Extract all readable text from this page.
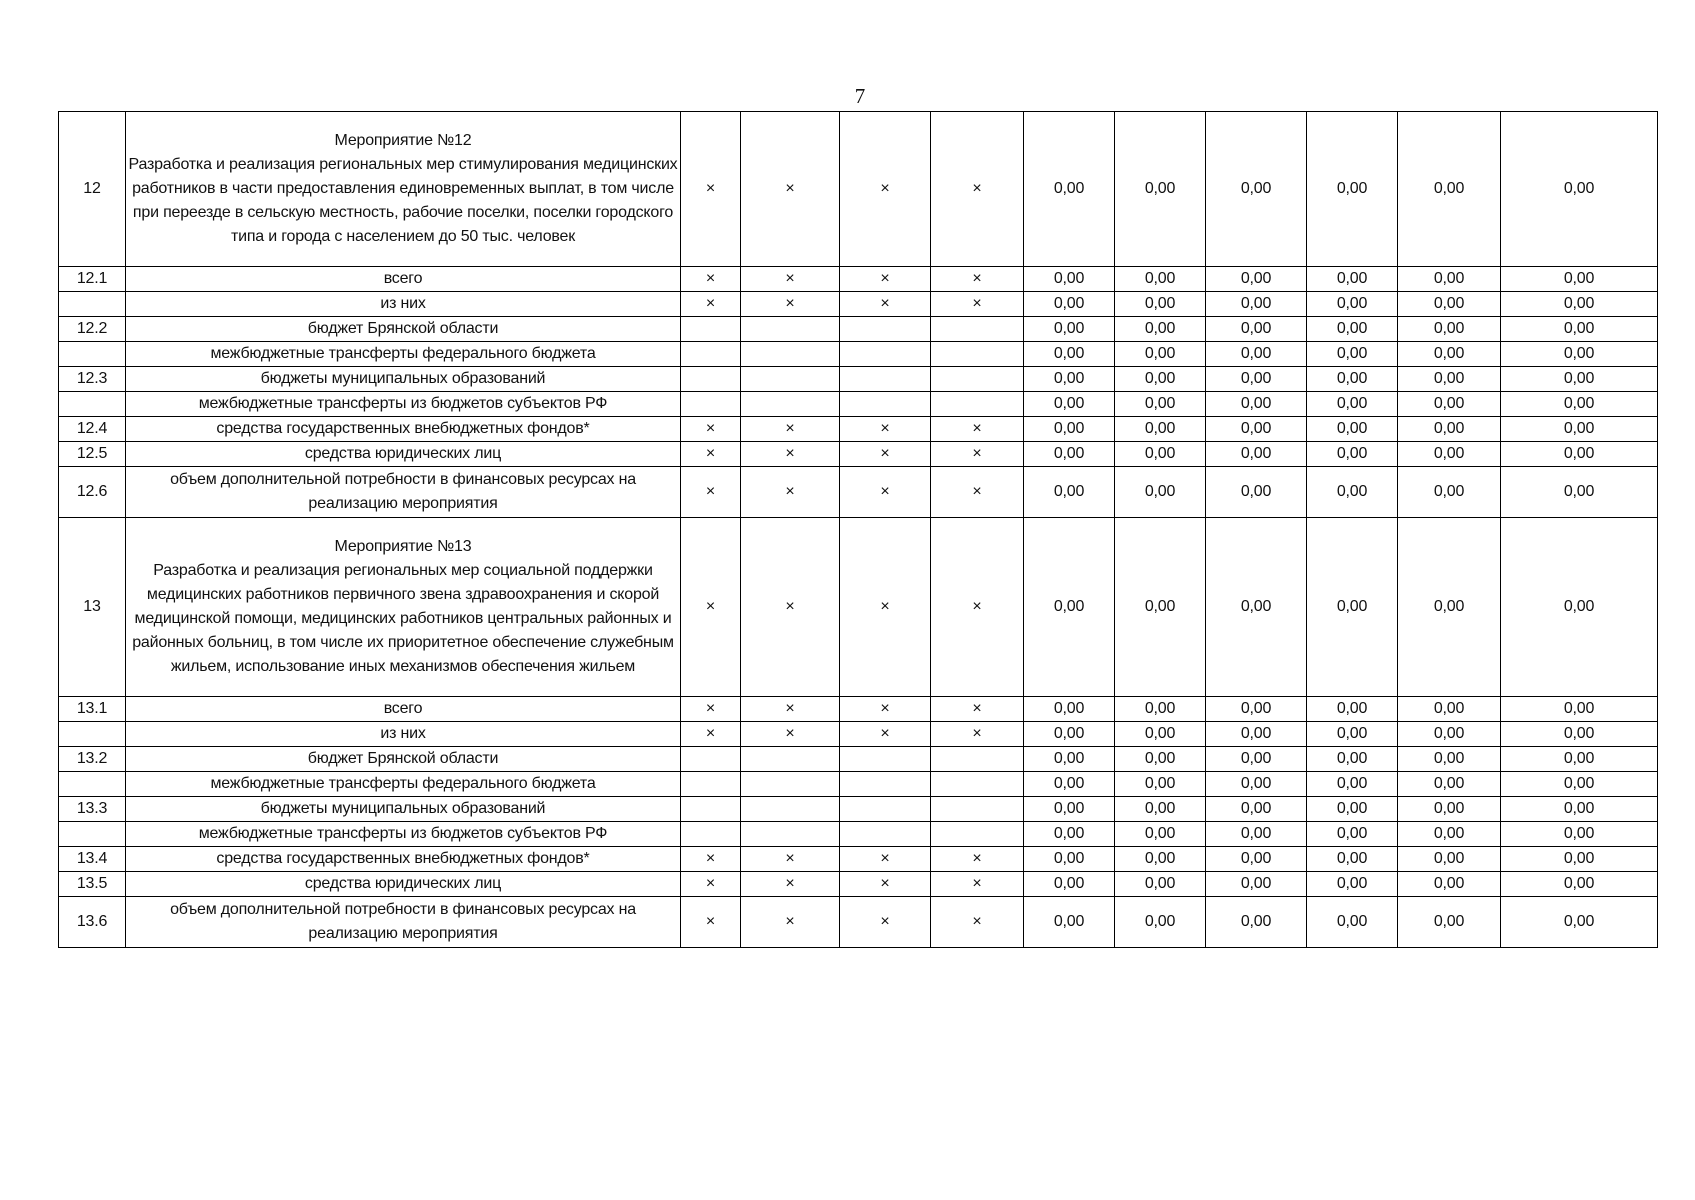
7
12	Мероприятие №12
Разработка и реализация региональных мер стимулирования медицинских работников в части предоставления единовременных выплат, в том числе при переезде в сельскую местность, рабочие поселки, поселки городского типа и города с населением до 50 тыс. человек	×	×	×	×	0,00	0,00	0,00	0,00	0,00	0,00
12.1	всего	×	×	×	×	0,00	0,00	0,00	0,00	0,00	0,00
	из них	×	×	×	×	0,00	0,00	0,00	0,00	0,00	0,00
12.2	бюджет Брянской области					0,00	0,00	0,00	0,00	0,00	0,00
	межбюджетные трансферты федерального бюджета					0,00	0,00	0,00	0,00	0,00	0,00
12.3	бюджеты муниципальных образований					0,00	0,00	0,00	0,00	0,00	0,00
	межбюджетные трансферты из бюджетов субъектов РФ					0,00	0,00	0,00	0,00	0,00	0,00
12.4	средства государственных внебюджетных фондов*	×	×	×	×	0,00	0,00	0,00	0,00	0,00	0,00
12.5	средства юридических лиц	×	×	×	×	0,00	0,00	0,00	0,00	0,00	0,00
12.6	объем дополнительной потребности в финансовых ресурсах на реализацию мероприятия	×	×	×	×	0,00	0,00	0,00	0,00	0,00	0,00
13	Мероприятие №13
Разработка и реализация региональных мер социальной поддержки медицинских работников первичного звена здравоохранения и скорой медицинской помощи, медицинских работников центральных районных и районных больниц, в том числе их приоритетное обеспечение служебным жильем, использование иных механизмов обеспечения жильем	×	×	×	×	0,00	0,00	0,00	0,00	0,00	0,00
13.1	всего	×	×	×	×	0,00	0,00	0,00	0,00	0,00	0,00
	из них	×	×	×	×	0,00	0,00	0,00	0,00	0,00	0,00
13.2	бюджет Брянской области					0,00	0,00	0,00	0,00	0,00	0,00
	межбюджетные трансферты федерального бюджета					0,00	0,00	0,00	0,00	0,00	0,00
13.3	бюджеты муниципальных образований					0,00	0,00	0,00	0,00	0,00	0,00
	межбюджетные трансферты из бюджетов субъектов РФ					0,00	0,00	0,00	0,00	0,00	0,00
13.4	средства государственных внебюджетных фондов*	×	×	×	×	0,00	0,00	0,00	0,00	0,00	0,00
13.5	средства юридических лиц	×	×	×	×	0,00	0,00	0,00	0,00	0,00	0,00
13.6	объем дополнительной потребности в финансовых ресурсах на реализацию мероприятия	×	×	×	×	0,00	0,00	0,00	0,00	0,00	0,00
